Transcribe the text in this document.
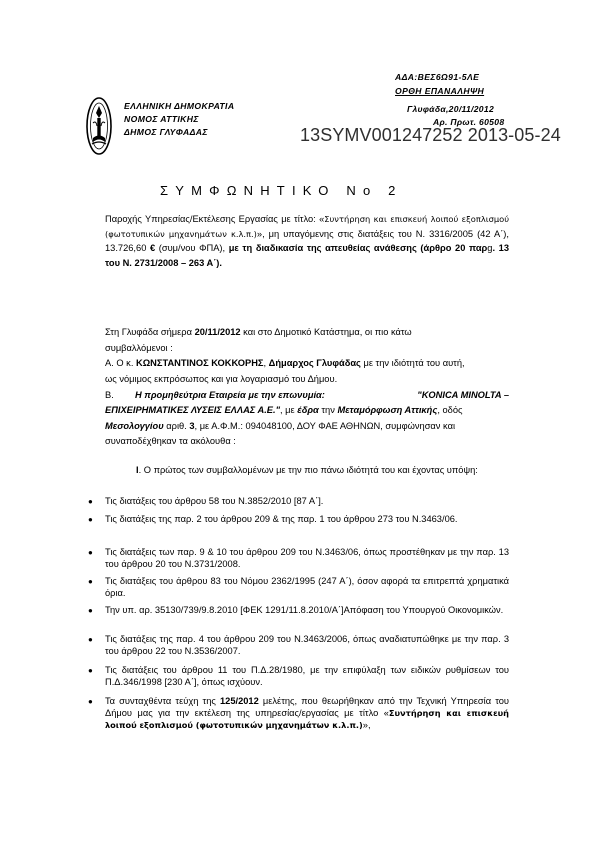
ΕΛΛΗΝΙΚΗ ΔΗΜΟΚΡΑΤΙΑ
ΝΟΜΟΣ ΑΤΤΙΚΗΣ
ΔΗΜΟΣ ΓΛΥΦΑΔΑΣ
ΑΔΑ:ΒΕΣ6Ω91-5ΛΕ
ΟΡΘΗ ΕΠΑΝΑΛΗΨΗ
Γλυφάδα,20/11/2012
Αρ. Πρωτ. 60508
13SYMV001247252 2013-05-24
ΣΥΜΦΩΝΗΤΙΚΟ Νο 2
Παροχής Υπηρεσίας/Εκτέλεσης Εργασίας με τίτλο: «Συντήρηση και επισκευή λοιπού εξοπλισμού (φωτοτυπικών μηχανημάτων κ.λ.π.)», μη υπαγόμενης στις διατάξεις του Ν. 3316/2005 (42 Α΄), 13.726,60 € (συμ/νου ΦΠΑ), με τη διαδικασία της απευθείας ανάθεσης (άρθρο 20 παρg. 13 του Ν. 2731/2008 – 263 Α΄).
Στη Γλυφάδα σήμερα 20/11/2012 και στο Δημοτικό Κατάστημα, οι πιο κάτω
συμβαλλόμενοι :
Α. Ο κ. ΚΩΝΣΤΑΝΤΙΝΟΣ ΚΟΚΚΟΡΗΣ, Δήμαρχος Γλυφάδας με την ιδιότητά του αυτή,
ως νόμιμος εκπρόσωπος και για λογαριασμό του Δήμου.
Β. Η προμηθεύτρια Εταιρεία με την επωνυμία:	"KONICA MINOLTA –
ΕΠΙΧΕΙΡΗΜΑΤΙΚΕΣ ΛΥΣΕΙΣ ΕΛΛΑΣ Α.Ε.", με έδρα την Μεταμόρφωση Αττικής, οδός
Μεσολογγίου αριθ. 3, με Α.Φ.Μ.: 094048100, ΔΟΥ ΦΑΕ ΑΘΗΝΩΝ, συμφώνησαν και
συναποδέχθηκαν τα ακόλουθα :
Ι. Ο πρώτος των συμβαλλομένων με την πιο πάνω ιδιότητά του και έχοντας υπόψη:
● Τις διατάξεις του άρθρου 58 του Ν.3852/2010 [87 Α΄].
● Τις διατάξεις της παρ. 2 του άρθρου 209 & της παρ. 1 του άρθρου 273 του Ν.3463/06.
● Τις διατάξεις των παρ. 9 & 10 του άρθρου 209 του Ν.3463/06, όπως προστέθηκαν με την παρ. 13 του άρθρου 20 του Ν.3731/2008.
● Τις διατάξεις του άρθρου 83 του Νόμου 2362/1995 (247 Α΄), όσον αφορά τα επιτρεπτά χρηματικά όρια.
● Την υπ. αρ. 35130/739/9.8.2010 [ΦΕΚ 1291/11.8.2010/Α΄]Απόφαση του Υπουργού Οικονομικών.
● Τις διατάξεις της παρ. 4 του άρθρου 209 του Ν.3463/2006, όπως αναδιατυπώθηκε με την παρ. 3 του άρθρου 22 του Ν.3536/2007.
● Τις διατάξεις του άρθρου 11 του Π.Δ.28/1980, με την επιφύλαξη των ειδικών ρυθμίσεων του Π.Δ.346/1998 [230 Α΄], όπως ισχύουν.
● Τα συνταχθέντα τεύχη της 125/2012 μελέτης, που θεωρήθηκαν από την Τεχνική Υπηρεσία του Δήμου μας για την εκτέλεση της υπηρεσίας/εργασίας με τίτλο «Συντήρηση και επισκευή λοιπού εξοπλισμού (φωτοτυπικών μηχανημάτων κ.λ.π.)»,
